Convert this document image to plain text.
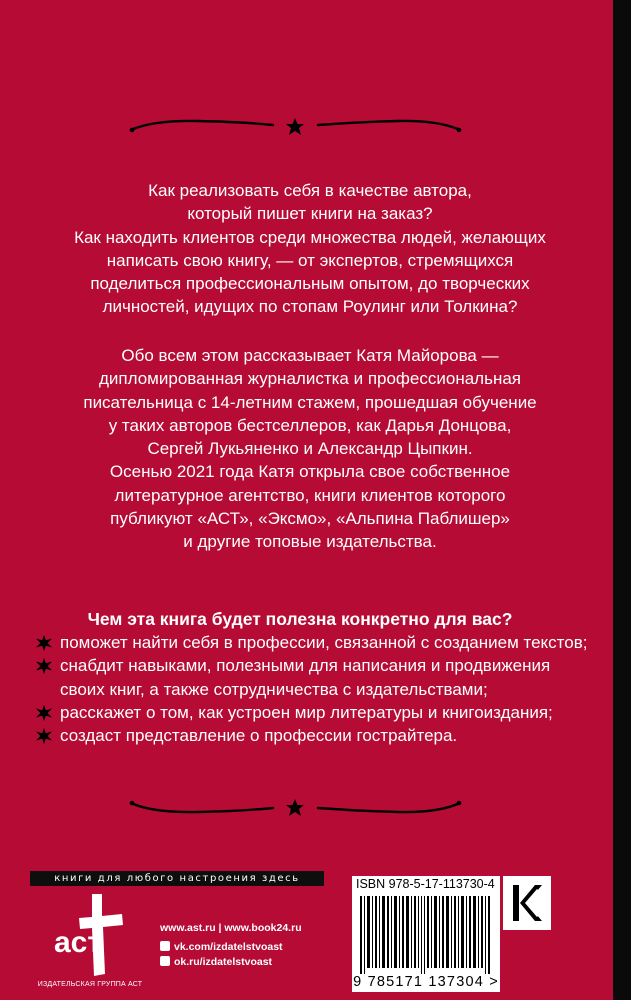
Как реализовать себя в качестве автора,
который пишет книги на заказ?
Как находить клиентов среди множества людей, желающих
написать свою книгу, — от экспертов, стремящихся
поделиться профессиональным опытом, до творческих
личностей, идущих по стопам Роулинг или Толкина?

Обо всем этом рассказывает Катя Майорова —
дипломированная журналистка и профессиональная
писательница с 14-летним стажем, прошедшая обучение
у таких авторов бестселлеров, как Дарья Донцова,
Сергей Лукьяненко и Александр Цыпкин.
Осенью 2021 года Катя открыла свое собственное
литературное агентство, книги клиентов которого
публикуют «АСТ», «Эксмо», «Альпина Паблишер»
и другие топовые издательства.

Чем эта книга будет полезна конкретно для вас?
поможет найти себя в профессии, связанной с созданием текстов;
снабдит навыками, полезными для написания и продвижения
своих книг, а также сотрудничества с издательствами;
расскажет о том, как устроен мир литературы и книгоиздания;
создаст представление о профессии гострайтера.
книги для любого настроения здесь
аст
ИЗДАТЕЛЬСКАЯ ГРУППА АСТ
www.ast.ru | www.book24.ru
vk.com/izdatelstvoast
ok.ru/izdatelstvoast
ISBN 978-5-17-113730-4
9 785171 137304 >
